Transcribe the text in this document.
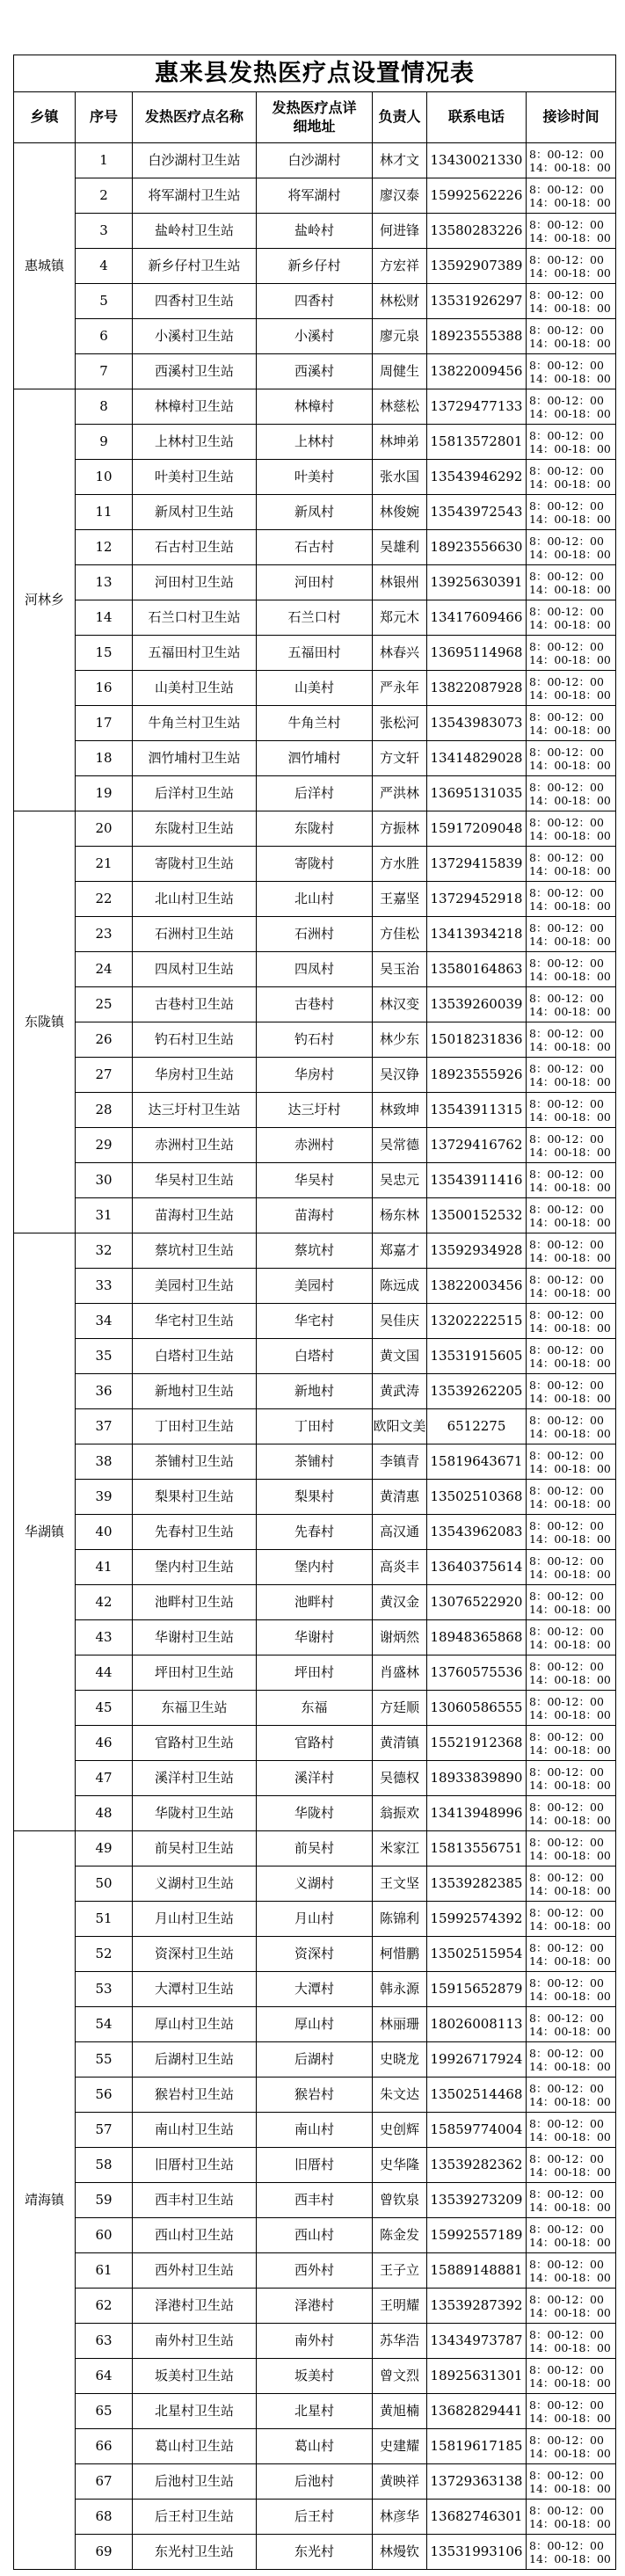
惠来县发热医疗点设置情况表
乡镇 序号 发热医疗点名称
发热医疗点详细地址
负责人 联系电话	接诊时间
惠城镇
1	白沙湖村卫生站	白沙湖村	林才文 13430021330 8：00-12：00
14：00-18：00
2	将军湖村卫生站	将军湖村	廖汉泰 15992562226 8：00-12：00
14：00-18：00
3	盐岭村卫生站	盐岭村	何进锋 13580283226 8：00-12：00
14：00-18：00
4	新乡仔村卫生站	新乡仔村	方宏祥 13592907389 8：00-12：00
14：00-18：00
5	四香村卫生站	四香村	林松财 13531926297 8：00-12：00
14：00-18：00
6	小溪村卫生站	小溪村	廖元泉 18923555388 8：00-12：00
14：00-18：00
7	西溪村卫生站	西溪村	周健生 13822009456 8：00-12：00
14：00-18：00
河林乡
8	林樟村卫生站	林樟村	林慈松 13729477133 8：00-12：00
14：00-18：00
9	上林村卫生站	上林村	林坤弟 15813572801 8：00-12：00
14：00-18：00
10	叶美村卫生站	叶美村	张水国 13543946292 8：00-12：00
14：00-18：00
11	新凤村卫生站	新凤村	林俊婉 13543972543 8：00-12：00
14：00-18：00
12	石古村卫生站	石古村	吴雄利 18923556630 8：00-12：00
14：00-18：00
13	河田村卫生站	河田村	林银州 13925630391 8：00-12：00
14：00-18：00
14	石兰口村卫生站	石兰口村	郑元木 13417609466 8：00-12：00
14：00-18：00
15	五福田村卫生站	五福田村	林春兴 13695114968 8：00-12：00
14：00-18：00
16	山美村卫生站	山美村	严永年 13822087928 8：00-12：00
14：00-18：00
17	牛角兰村卫生站	牛角兰村	张松河 13543983073 8：00-12：00
14：00-18：00
18	泗竹埔村卫生站	泗竹埔村	方文轩 13414829028 8：00-12：00
14：00-18：00
19	后洋村卫生站	后洋村	严洪林 13695131035 8：00-12：00
14：00-18：00
东陇镇
20	东陇村卫生站	东陇村	方振林 15917209048 8：00-12：00
14：00-18：00
21	寄陇村卫生站	寄陇村	方水胜 13729415839 8：00-12：00
14：00-18：00
22	北山村卫生站	北山村	王嘉坚 13729452918 8：00-12：00
14：00-18：00
23	石洲村卫生站	石洲村	方佳松 13413934218 8：00-12：00
14：00-18：00
24	四凤村卫生站	四凤村	吴玉治 13580164863 8：00-12：00
14：00-18：00
25	古巷村卫生站	古巷村	林汉变 13539260039 8：00-12：00
14：00-18：00
26	钓石村卫生站	钓石村	林少东 15018231836 8：00-12：00
14：00-18：00
27	华房村卫生站	华房村	吴汉铮 18923555926 8：00-12：00
14：00-18：00
28	达三圩村卫生站	达三圩村	林致坤 13543911315 8：00-12：00
14：00-18：00
29	赤洲村卫生站	赤洲村	吴常德 13729416762 8：00-12：00
14：00-18：00
30	华吴村卫生站	华吴村	吴忠元 13543911416 8：00-12：00
14：00-18：00
31	苗海村卫生站	苗海村	杨东林 13500152532 8：00-12：00
14：00-18：00
华湖镇
32	蔡坑村卫生站	蔡坑村	郑嘉才 13592934928 8：00-12：00
14：00-18：00
33	美园村卫生站	美园村	陈远成 13822003456 8：00-12：00
14：00-18：00
34	华宅村卫生站	华宅村	吴佳庆 13202222515 8：00-12：00
14：00-18：00
35	白塔村卫生站	白塔村	黄文国 13531915605 8：00-12：00
14：00-18：00
36	新地村卫生站	新地村	黄武涛 13539262205 8：00-12：00
14：00-18：00
37	丁田村卫生站	丁田村	欧阳文美 6512275 8：00-12：00
14：00-18：00
38	茶铺村卫生站	茶铺村	李镇青 15819643671 8：00-12：00
14：00-18：00
39	梨果村卫生站	梨果村	黄清惠 13502510368 8：00-12：00
14：00-18：00
40	先春村卫生站	先春村	高汉通 13543962083 8：00-12：00
14：00-18：00
41	堡内村卫生站	堡内村	高炎丰 13640375614 8：00-12：00
14：00-18：00
42	池畔村卫生站	池畔村	黄汉金 13076522920 8：00-12：00
14：00-18：00
43	华谢村卫生站	华谢村	谢炳然 18948365868 8：00-12：00
14：00-18：00
44	坪田村卫生站	坪田村	肖盛林 13760575536 8：00-12：00
14：00-18：00
45	东福卫生站	东福	方廷顺 13060586555 8：00-12：00
14：00-18：00
46	官路村卫生站	官路村	黄清镇 15521912368 8：00-12：00
14：00-18：00
47	溪洋村卫生站	溪洋村	吴德权 18933839890 8：00-12：00
14：00-18：00
48	华陇村卫生站	华陇村	翁振欢 13413948996 8：00-12：00
14：00-18：00
靖海镇
49	前吴村卫生站	前吴村	米家江 15813556751 8：00-12：00
14：00-18：00
50	义湖村卫生站	义湖村	王文坚 13539282385 8：00-12：00
14：00-18：00
51	月山村卫生站	月山村	陈锦利 15992574392 8：00-12：00
14：00-18：00
52	资深村卫生站	资深村	柯惜鹏 13502515954 8：00-12：00
14：00-18：00
53	大潭村卫生站	大潭村	韩永源 15915652879 8：00-12：00
14：00-18：00
54	厚山村卫生站	厚山村	林丽珊 18026008113 8：00-12：00
14：00-18：00
55	后湖村卫生站	后湖村	史晓龙 19926717924 8：00-12：00
14：00-18：00
56	猴岩村卫生站	猴岩村	朱文达 13502514468 8：00-12：00
14：00-18：00
57	南山村卫生站	南山村	史创辉 15859774004 8：00-12：00
14：00-18：00
58	旧厝村卫生站	旧厝村	史华隆 13539282362 8：00-12：00
14：00-18：00
59	西丰村卫生站	西丰村	曾钦泉 13539273209 8：00-12：00
14：00-18：00
60	西山村卫生站	西山村	陈金发 15992557189 8：00-12：00
14：00-18：00
61	西外村卫生站	西外村	王子立 15889148881 8：00-12：00
14：00-18：00
62	泽港村卫生站	泽港村	王明耀 13539287392 8：00-12：00
14：00-18：00
63	南外村卫生站	南外村	苏华浩 13434973787 8：00-12：00
14：00-18：00
64	坂美村卫生站	坂美村	曾文烈 18925631301 8：00-12：00
14：00-18：00
65	北星村卫生站	北星村	黄旭楠 13682829441 8：00-12：00
14：00-18：00
66	葛山村卫生站	葛山村	史建耀 15819617185 8：00-12：00
14：00-18：00
67	后池村卫生站	后池村	黄映祥 13729363138 8：00-12：00
14：00-18：00
68	后王村卫生站	后王村	林彦华 13682746301 8：00-12：00
14：00-18：00
69	东光村卫生站	东光村	林熳钦 13531993106 8：00-12：00
14：00-18：00
